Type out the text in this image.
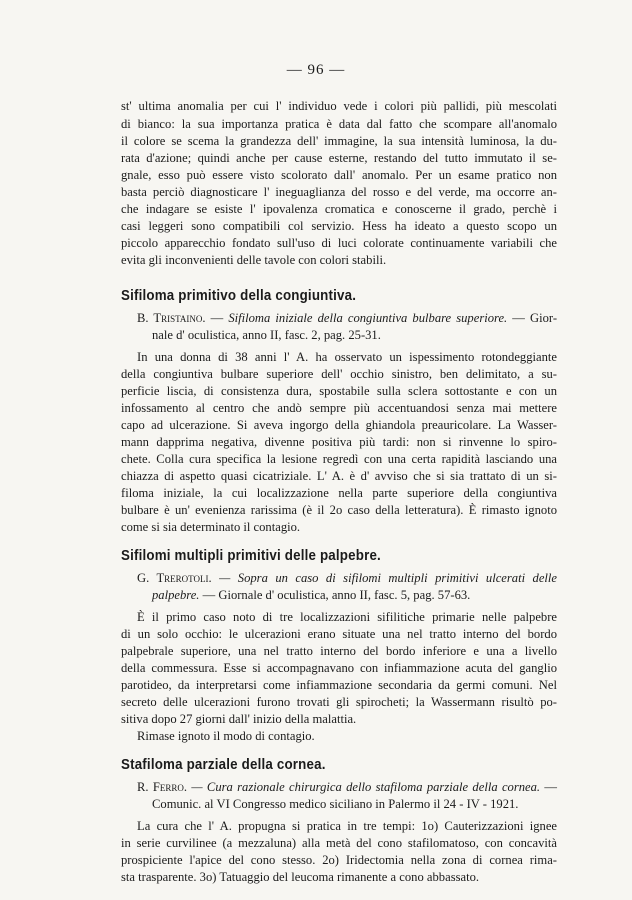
— 96 —
st' ultima anomalia per cui l' individuo vede i colori più pallidi, più mescolati
di bianco: la sua importanza pratica è data dal fatto che scompare all'anomalo
il colore se scema la grandezza dell' immagine, la sua intensità luminosa, la du-
rata d'azione; quindi anche per cause esterne, restando del tutto immutato il se-
gnale, esso può essere visto scolorato dall' anomalo. Per un esame pratico non
basta perciò diagnosticare l' ineguaglianza del rosso e del verde, ma occorre an-
che indagare se esiste l' ipovalenza cromatica e conoscerne il grado, perchè i
casi leggeri sono compatibili col servizio. Hess ha ideato a questo scopo un
piccolo apparecchio fondato sull'uso di luci colorate continuamente variabili che
evita gli inconvenienti delle tavole con colori stabili.
Sifiloma primitivo della congiuntiva.
B. Tristaino. — Sifiloma iniziale della congiuntiva bulbare superiore. — Gior-
nale d' oculistica, anno II, fasc. 2, pag. 25-31.
In una donna di 38 anni l' A. ha osservato un ispessimento rotondeggiante
della congiuntiva bulbare superiore dell' occhio sinistro, ben delimitato, a su-
perficie liscia, di consistenza dura, spostabile sulla sclera sottostante e con un
infossamento al centro che andò sempre più accentuandosi senza mai mettere
capo ad ulcerazione. Si aveva ingorgo della ghiandola preauricolare. La Wasser-
mann dapprima negativa, divenne positiva più tardi: non si rinvenne lo spiro-
chete. Colla cura specifica la lesione regredì con una certa rapidità lasciando una
chiazza di aspetto quasi cicatriziale. L' A. è d' avviso che si sia trattato di un si-
filoma iniziale, la cui localizzazione nella parte superiore della congiuntiva
bulbare è un' evenienza rarissima (è il 2o caso della letteratura). È rimasto ignoto
come si sia determinato il contagio.
Sifilomi multipli primitivi delle palpebre.
G. Trerotoli. — Sopra un caso di sifilomi multipli primitivi ulcerati delle
palpebre. — Giornale d' oculistica, anno II, fasc. 5, pag. 57-63.
È il primo caso noto di tre localizzazioni sifilitiche primarie nelle palpebre
di un solo occhio: le ulcerazioni erano situate una nel tratto interno del bordo
palpebrale superiore, una nel tratto interno del bordo inferiore e una a livello
della commessura. Esse si accompagnavano con infiammazione acuta del ganglio
parotideo, da interpretarsi come infiammazione secondaria da germi comuni. Nel
secreto delle ulcerazioni furono trovati gli spirocheti; la Wassermann risultò po-
sitiva dopo 27 giorni dall' inizio della malattia.
Rimase ignoto il modo di contagio.
Stafiloma parziale della cornea.
R. Ferro. — Cura razionale chirurgica dello stafiloma parziale della cornea. —
Comunic. al VI Congresso medico siciliano in Palermo il 24 - IV - 1921.
La cura che l' A. propugna si pratica in tre tempi: 1o) Cauterizzazioni ignee
in serie curvilinee (a mezzaluna) alla metà del cono stafilomatoso, con concavità
prospiciente l'apice del cono stesso. 2o) Iridectomia nella zona di cornea rima-
sta trasparente. 3o) Tatuaggio del leucoma rimanente a cono abbassato.
